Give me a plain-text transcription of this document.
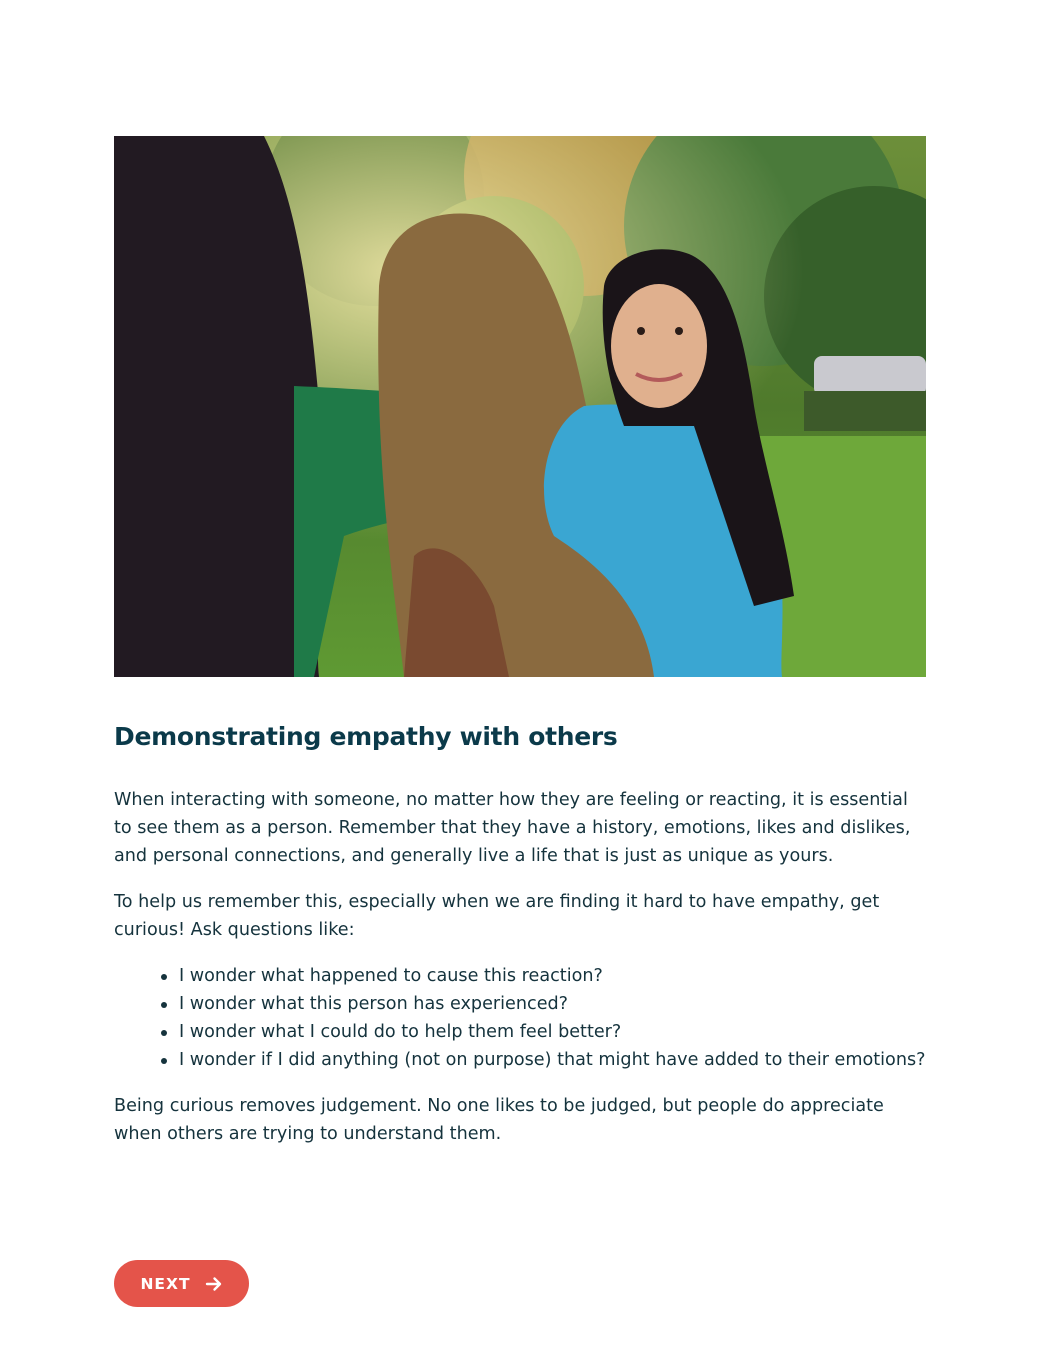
Demonstrating empathy with others

When interacting with someone, no matter how they are feeling or reacting, it is essential to see them as a person. Remember that they have a history, emotions, likes and dislikes, and personal connections, and generally live a life that is just as unique as yours.

To help us remember this, especially when we are finding it hard to have empathy, get curious! Ask questions like:

I wonder what happened to cause this reaction?
I wonder what this person has experienced?
I wonder what I could do to help them feel better?
I wonder if I did anything (not on purpose) that might have added to their emotions?

Being curious removes judgement. No one likes to be judged, but people do appreciate when others are trying to understand them.

NEXT
